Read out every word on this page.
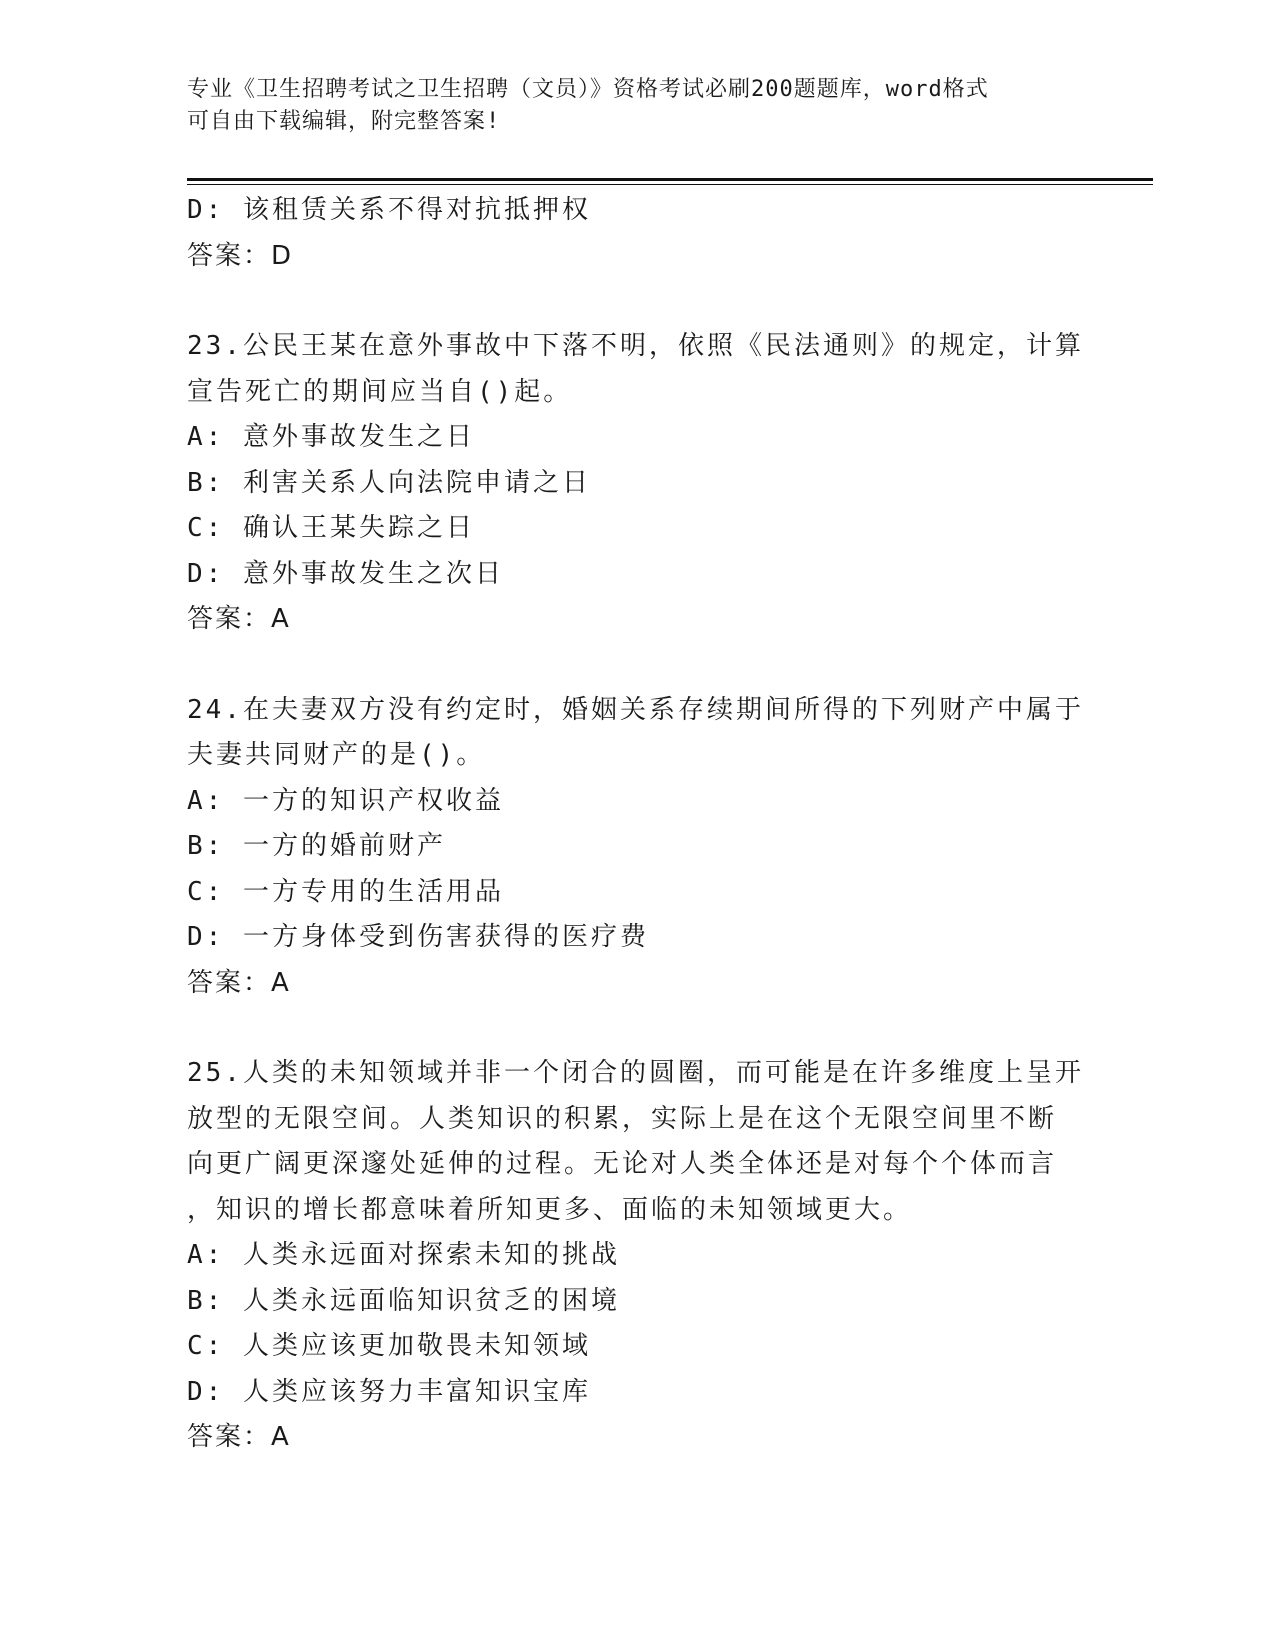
专业《卫生招聘考试之卫生招聘（文员）》资格考试必刷200题题库，word格式
可自由下载编辑，附完整答案!
D: 该租赁关系不得对抗抵押权
答案：D
23.公民王某在意外事故中下落不明，依照《民法通则》的规定，计算
宣告死亡的期间应当自()起。
A: 意外事故发生之日
B: 利害关系人向法院申请之日
C: 确认王某失踪之日
D: 意外事故发生之次日
答案：A
24.在夫妻双方没有约定时，婚姻关系存续期间所得的下列财产中属于
夫妻共同财产的是()。
A: 一方的知识产权收益
B: 一方的婚前财产
C: 一方专用的生活用品
D: 一方身体受到伤害获得的医疗费
答案：A
25.人类的未知领域并非一个闭合的圆圈，而可能是在许多维度上呈开
放型的无限空间。人类知识的积累，实际上是在这个无限空间里不断
向更广阔更深邃处延伸的过程。无论对人类全体还是对每个个体而言
，知识的增长都意味着所知更多、面临的未知领域更大。
A: 人类永远面对探索未知的挑战
B: 人类永远面临知识贫乏的困境
C: 人类应该更加敬畏未知领域
D: 人类应该努力丰富知识宝库
答案：A
